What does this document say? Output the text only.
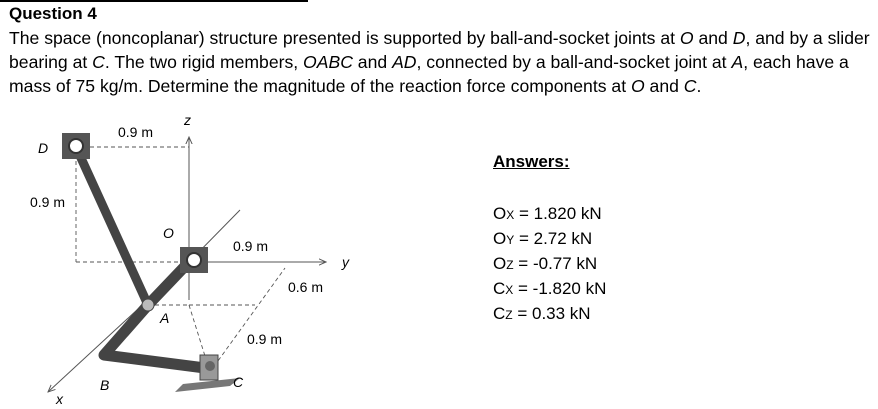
Question 4
The space (noncoplanar) structure presented is supported by ball-and-socket joints at O and D, and by a slider bearing at C. The two rigid members, OABC and AD, connected by a ball-and-socket joint at A, each have a mass of 75 kg/m. Determine the magnitude of the reaction force components at O and C.
D
z
O
A
B	C
x
y
0.9 m
0.9 m
0.9 m
0.6 m
0.9 m
Answers:
OX = 1.820 kN
OY = 2.72 kN
OZ = -0.77 kN
CX = -1.820 kN
CZ = 0.33 kN
